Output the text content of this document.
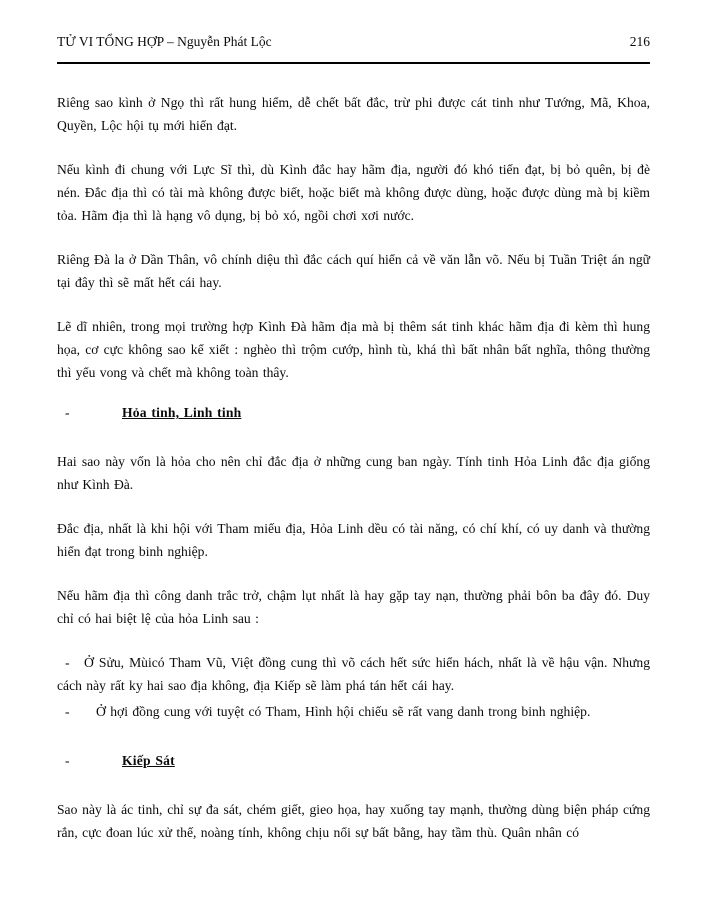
TỬ VI TỔNG HỢP – Nguyễn Phát Lộc	216

Riêng sao kình ở Ngọ thì rất hung hiểm, dễ chết bất đắc, trừ phi được cát tinh như Tướng, Mã, Khoa, Quyền, Lộc hội tụ mới hiển đạt.

Nếu kình đi chung với Lực Sĩ thì, dù Kình đắc hay hãm địa, người đó khó tiến đạt, bị bỏ quên, bị đè nén. Đắc địa thì có tài mà không được biết, hoặc biết mà không được dùng, hoặc được dùng mà bị kiềm tỏa. Hãm địa thì là hạng vô dụng, bị bỏ xó, ngồi chơi xơi nước.

Riêng Đà la ở Dần Thân, vô chính diệu thì đắc cách quí hiển cả về văn lẫn võ. Nếu bị Tuần Triệt án ngữ tại đây thì sẽ mất hết cái hay.

Lẽ dĩ nhiên, trong mọi trường hợp Kình Đà hãm địa mà bị thêm sát tinh khác hãm địa đi kèm thì hung họa, cơ cực không sao kể xiết : nghèo thì trộm cướp, hình tù, khá thì bất nhân bất nghĩa, thông thường thì yểu vong và chết mà không toàn thây.

-	Hỏa tinh, Linh tinh

Hai sao này vốn là hỏa cho nên chỉ đắc địa ở những cung ban ngày. Tính tinh Hỏa Linh đắc địa giống như Kình Đà.

Đắc địa, nhất là khi hội với Tham miếu địa, Hỏa Linh dều có tài năng, có chí khí, có uy danh và thường hiển đạt trong binh nghiệp.

Nếu hãm địa thì công danh trắc trở, chậm lụt nhất là hay gặp tay nạn, thường phải bôn ba đây đó. Duy chỉ có hai biệt lệ của hỏa Linh sau :

- Ở Sửu, Mùicó Tham Vũ, Việt đồng cung thì võ cách hết sức hiển hách, nhất là về hậu vận. Nhưng cách này rất ky hai sao địa không, địa Kiếp sẽ làm phá tán hết cái hay.

- Ở hợi đồng cung với tuyệt có Tham, Hình hội chiếu sẽ rất vang danh trong binh nghiệp.

-	Kiếp Sát

Sao này là ác tinh, chỉ sự đa sát, chém giết, gieo họa, hay xuống tay mạnh, thường dùng biện pháp cứng rắn, cực đoan lúc xử thế, noàng tính, không chịu nổi sự bất bằng, hay tầm thù. Quân nhân có
